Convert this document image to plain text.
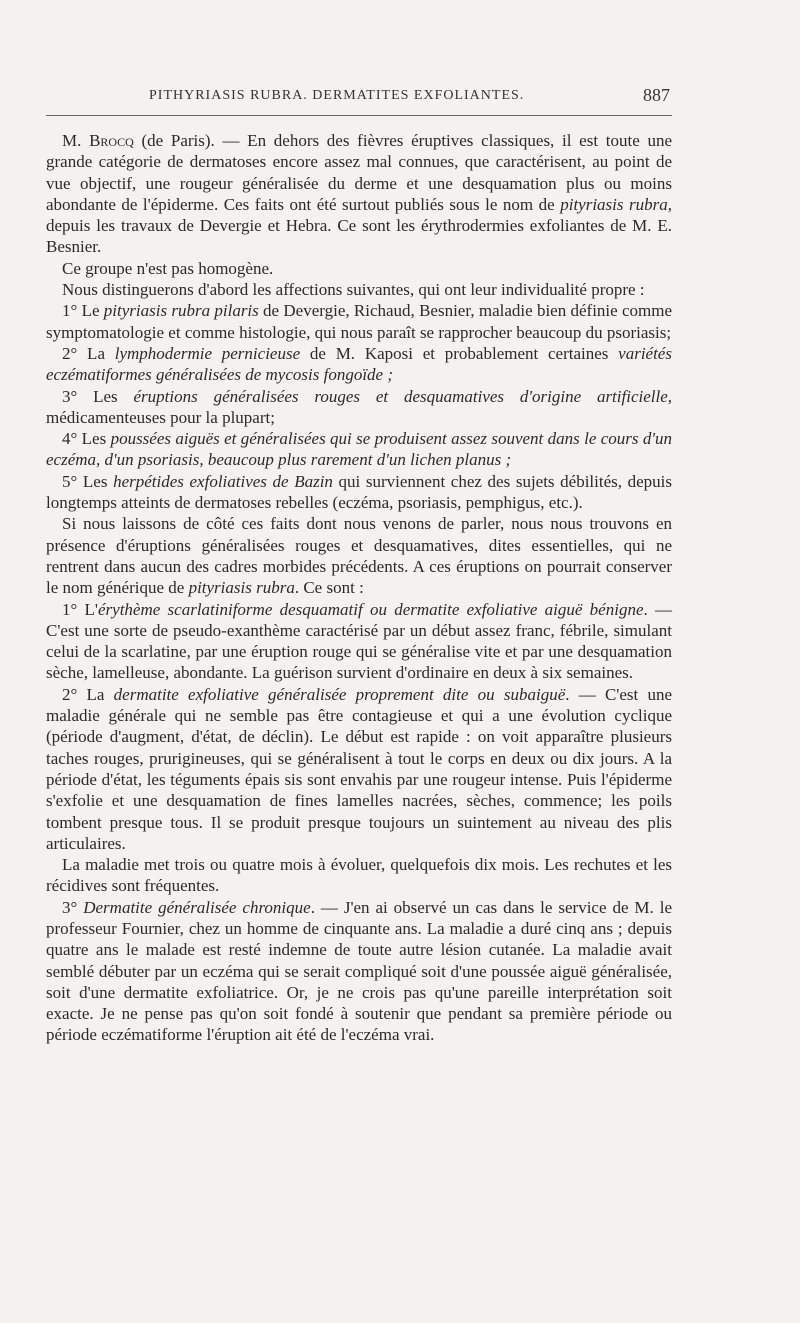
PITHYRIASIS RUBRA. DERMATITES EXFOLIANTES.	887

M. Brocq (de Paris). — En dehors des fièvres éruptives classiques, il est toute une grande catégorie de dermatoses encore assez mal connues, que caractérisent, au point de vue objectif, une rougeur généralisée du derme et une desquamation plus ou moins abondante de l'épiderme. Ces faits ont été surtout publiés sous le nom de pityriasis rubra, depuis les travaux de Devergie et Hebra. Ce sont les érythrodermies exfoliantes de M. E. Besnier.

Ce groupe n'est pas homogène.

Nous distinguerons d'abord les affections suivantes, qui ont leur individualité propre :

1° Le pityriasis rubra pilaris de Devergie, Richaud, Besnier, maladie bien définie comme symptomatologie et comme histologie, qui nous paraît se rapprocher beaucoup du psoriasis;

2° La lymphodermie pernicieuse de M. Kaposi et probablement certaines variétés eczématiformes généralisées de mycosis fongoïde ;

3° Les éruptions généralisées rouges et desquamatives d'origine artificielle, médicamenteuses pour la plupart;

4° Les poussées aiguës et généralisées qui se produisent assez souvent dans le cours d'un eczéma, d'un psoriasis, beaucoup plus rarement d'un lichen planus ;

5° Les herpétides exfoliatives de Bazin qui surviennent chez des sujets débilités, depuis longtemps atteints de dermatoses rebelles (eczéma, psoriasis, pemphigus, etc.).

Si nous laissons de côté ces faits dont nous venons de parler, nous nous trouvons en présence d'éruptions généralisées rouges et desquamatives, dites essentielles, qui ne rentrent dans aucun des cadres morbides précédents. A ces éruptions on pourrait conserver le nom générique de pityriasis rubra. Ce sont :

1° L'érythème scarlatiniforme desquamatif ou dermatite exfoliative aiguë bénigne. — C'est une sorte de pseudo-exanthème caractérisé par un début assez franc, fébrile, simulant celui de la scarlatine, par une éruption rouge qui se généralise vite et par une desquamation sèche, lamelleuse, abondante. La guérison survient d'ordinaire en deux à six semaines.

2° La dermatite exfoliative généralisée proprement dite ou subaiguë. — C'est une maladie générale qui ne semble pas être contagieuse et qui a une évolution cyclique (période d'augment, d'état, de déclin). Le début est rapide : on voit apparaître plusieurs taches rouges, prurigineuses, qui se généralisent à tout le corps en deux ou dix jours. A la période d'état, les téguments épais sis sont envahis par une rougeur intense. Puis l'épiderme s'exfolie et une desquamation de fines lamelles nacrées, sèches, commence; les poils tombent presque tous. Il se produit presque toujours un suintement au niveau des plis articulaires.

La maladie met trois ou quatre mois à évoluer, quelquefois dix mois. Les rechutes et les récidives sont fréquentes.

3° Dermatite généralisée chronique. — J'en ai observé un cas dans le service de M. le professeur Fournier, chez un homme de cinquante ans. La maladie a duré cinq ans ; depuis quatre ans le malade est resté indemne de toute autre lésion cutanée. La maladie avait semblé débuter par un eczéma qui se serait compliqué soit d'une poussée aiguë généralisée, soit d'une dermatite exfoliatrice. Or, je ne crois pas qu'une pareille interprétation soit exacte. Je ne pense pas qu'on soit fondé à soutenir que pendant sa première période ou période eczématiforme l'éruption ait été de l'eczéma vrai.
